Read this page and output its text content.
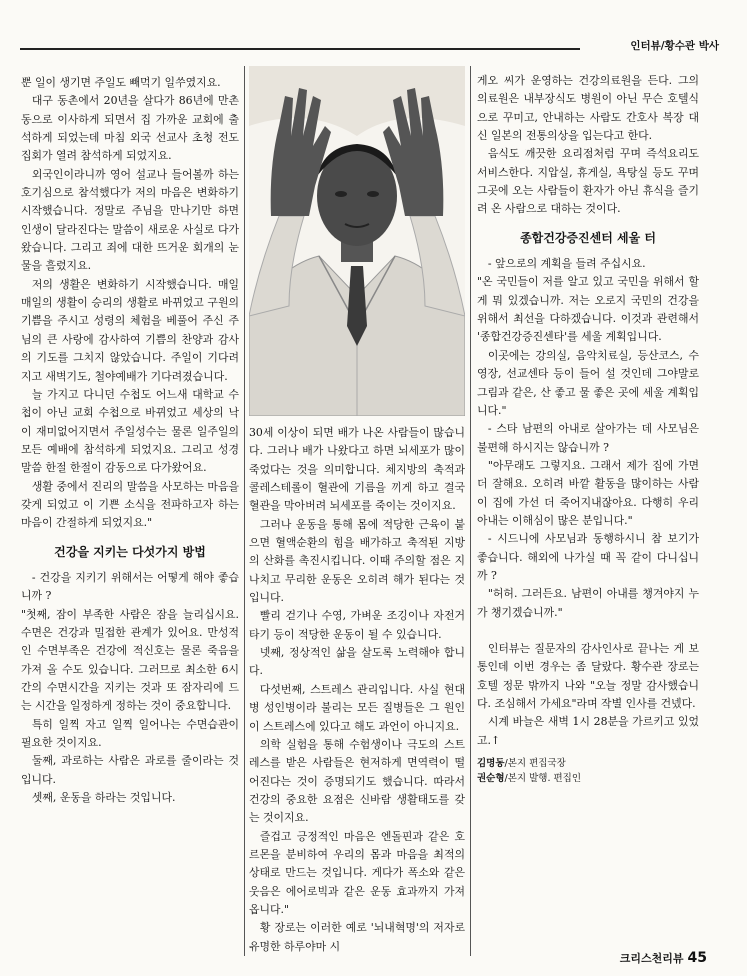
인터뷰/황수관 박사

뿐 일이 생기면 주일도 빼먹기 일쑤였지요.

대구 동촌에서 20년을 살다가 86년에 만촌동으로 이사하게 되면서 집 가까운 교회에 출석하게 되었는데 마침 외국 선교사 초청 전도집회가 열려 참석하게 되었지요.

외국인이라니까 영어 설교나 들어볼까 하는 호기심으로 참석했다가 저의 마음은 변화하기 시작했습니다. 정말로 주님을 만나기만 하면 인생이 달라진다는 말씀이 새로운 사실로 다가왔습니다. 그리고 죄에 대한 뜨거운 회개의 눈물을 흘렸지요.

저의 생활은 변화하기 시작했습니다. 매일 매일의 생활이 승리의 생활로 바뀌었고 구원의 기쁨을 주시고 성령의 체험을 베풀어 주신 주님의 큰 사랑에 감사하여 기쁨의 찬양과 감사의 기도를 그치지 않았습니다. 주일이 기다려지고 새벽기도, 철야예배가 기다려졌습니다.

늘 가지고 다니던 수첩도 어느새 대학교 수첩이 아닌 교회 수첩으로 바뀌었고 세상의 낙이 재미없어지면서 주일성수는 물론 일주일의 모든 예배에 참석하게 되었지요. 그리고 성경말씀 한절 한절이 감동으로 다가왔어요.

생활 중에서 진리의 말씀을 사모하는 마음을 갖게 되었고 이 기쁜 소식을 전파하고자 하는 마음이 간절하게 되었지요."

건강을 지키는 다섯가지 방법

- 건강을 지키기 위해서는 어떻게 해야 좋습니까 ?

"첫째, 잠이 부족한 사람은 잠을 늘리십시요. 수면은 건강과 밀접한 관계가 있어요. 만성적인 수면부족은 건강에 적신호는 물론 죽음을 가져 올 수도 있습니다. 그러므로 최소한 6시간의 수면시간을 지키는 것과 또 잠자리에 드는 시간을 일정하게 정하는 것이 중요합니다.

특히 일찍 자고 일찍 일어나는 수면습관이 필요한 것이지요.

둘째, 과로하는 사람은 과로를 줄이라는 것입니다.

셋째, 운동을 하라는 것입니다.

30세 이상이 되면 배가 나온 사람들이 많습니다. 그러나 배가 나왔다고 하면 뇌세포가 많이 죽었다는 것을 의미합니다. 체지방의 축적과 콜레스테롤이 혈관에 기름을 끼게 하고 결국 혈관을 막아버려 뇌세포를 죽이는 것이지요.

그러나 운동을 통해 몸에 적당한 근육이 붙으면 혈액순환의 힘을 배가하고 축적된 지방의 산화를 촉진시킵니다. 이때 주의할 점은 지나치고 무리한 운동은 오히려 해가 된다는 것입니다.

빨리 걷기나 수영, 가벼운 조깅이나 자전거 타기 등이 적당한 운동이 될 수 있습니다.

넷째, 정상적인 삶을 살도록 노력해야 합니다.

다섯번째, 스트레스 관리입니다. 사실 현대병 성인병이라 불리는 모든 질병들은 그 원인이 스트레스에 있다고 해도 과언이 아니지요.

의학 실험을 통해 수험생이나 극도의 스트레스를 받은 사람들은 현저하게 면역력이 떨어진다는 것이 증명되기도 했습니다. 따라서 건강의 중요한 요점은 신바람 생활태도를 갖는 것이지요.

즐겁고 긍정적인 마음은 엔돌핀과 같은 호르몬을 분비하여 우리의 몸과 마음을 최적의 상태로 만드는 것입니다. 게다가 폭소와 같은 웃음은 에어로빅과 같은 운동 효과까지 가져옵니다."

황 장로는 이러한 예로 '뇌내혁명'의 저자로 유명한 하루야마 시

게오 씨가 운영하는 건강의료원을 든다. 그의 의료원은 내부장식도 병원이 아닌 무슨 호텔식으로 꾸미고, 안내하는 사람도 간호사 복장 대신 일본의 전통의상을 입는다고 한다.

음식도 깨끗한 요리점처럼 꾸며 즉석요리도 서비스한다. 지압실, 휴게실, 욕탕실 등도 꾸며 그곳에 오는 사람들이 환자가 아닌 휴식을 즐기려 온 사람으로 대하는 것이다.

종합건강증진센터 세울 터

- 앞으로의 계획을 들려 주십시요.

"온 국민들이 저를 알고 있고 국민을 위해서 할 게 뭐 있겠습니까. 저는 오로지 국민의 건강을 위해서 최선을 다하겠습니다. 이것과 관련해서 '종합건강증진센타'를 세울 계획입니다.

이곳에는 강의실, 음악치료실, 등산코스, 수영장, 선교센타 등이 들어 설 것인데 그야말로 그림과 같은, 산 좋고 물 좋은 곳에 세울 계획입니다."

- 스타 남편의 아내로 살아가는 데 사모님은 불편해 하시지는 않습니까 ?

"아무래도 그렇지요. 그래서 제가 집에 가면 더 잘해요. 오히려 바깥 활동을 많이하는 사람이 집에 가선 더 죽어지내잖아요. 다행히 우리 아내는 이해심이 많은 분입니다."

- 시드니에 사모님과 동행하시니 참 보기가 좋습니다. 해외에 나가실 때 꼭 같이 다니십니까 ?

"허허. 그러든요. 남편이 아내를 챙겨야지 누가 챙기겠습니까."

인터뷰는 질문자의 감사인사로 끝나는 게 보통인데 이번 경우는 좀 달랐다. 황수관 장로는 호텔 정문 밖까지 나와 "오늘 정말 감사했습니다. 조심해서 가세요"라며 작별 인사를 건넸다.

시계 바늘은 새벽 1시 28분을 가르키고 있었고.↑

김명동/본지 편집국장
권순형/본지 발행. 편집인
크리스천리뷰 45
